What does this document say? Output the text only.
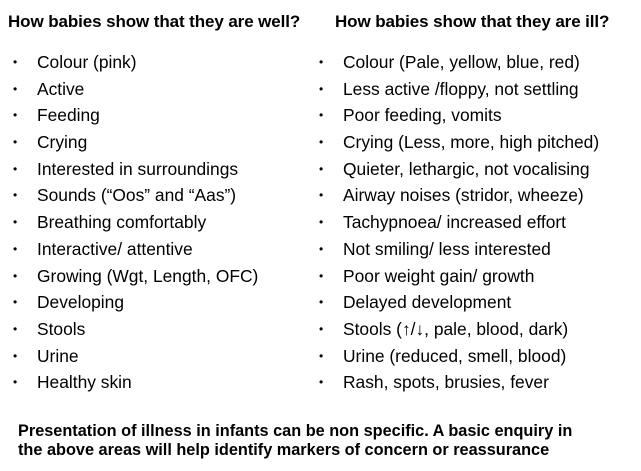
How babies show that they are well?
• Colour (pink)
• Active
• Feeding
• Crying
• Interested in surroundings
• Sounds (“Oos” and “Aas”)
• Breathing comfortably
• Interactive/ attentive
• Growing (Wgt, Length, OFC)
• Developing
• Stools
• Urine
• Healthy skin
How babies show that they are ill?
• Colour (Pale, yellow, blue, red)
• Less active /floppy, not settling
• Poor feeding, vomits
• Crying (Less, more, high pitched)
• Quieter, lethargic, not vocalising
• Airway noises (stridor, wheeze)
• Tachypnoea/ increased effort
• Not smiling/ less interested
• Poor weight gain/ growth
• Delayed development
• Stools (↑/↓, pale, blood, dark)
• Urine (reduced, smell, blood)
• Rash, spots, brusies, fever
Presentation of illness in infants can be non specific. A basic enquiry in
the above areas will help identify markers of concern or reassurance
